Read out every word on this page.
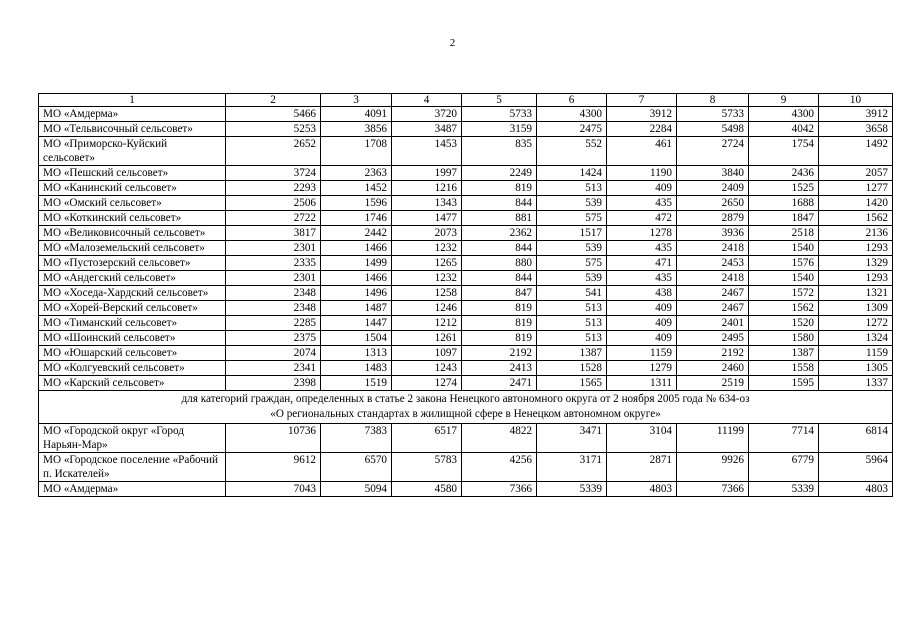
2
1	2	3	4	5	6	7	8	9	10
МО «Амдерма»	5466	4091	3720	5733	4300	3912	5733	4300	3912
МО «Тельвисочный сельсовет»	5253	3856	3487	3159	2475	2284	5498	4042	3658
МО «Приморско-Куйский сельсовет»	2652	1708	1453	835	552	461	2724	1754	1492
МО «Пешский сельсовет»	3724	2363	1997	2249	1424	1190	3840	2436	2057
МО «Канинский сельсовет»	2293	1452	1216	819	513	409	2409	1525	1277
МО «Омский сельсовет»	2506	1596	1343	844	539	435	2650	1688	1420
МО «Коткинский сельсовет»	2722	1746	1477	881	575	472	2879	1847	1562
МО «Великовисочный сельсовет»	3817	2442	2073	2362	1517	1278	3936	2518	2136
МО «Малоземельский сельсовет»	2301	1466	1232	844	539	435	2418	1540	1293
МО «Пустозерский сельсовет»	2335	1499	1265	880	575	471	2453	1576	1329
МО «Андегский сельсовет»	2301	1466	1232	844	539	435	2418	1540	1293
МО «Хоседа-Хардский сельсовет»	2348	1496	1258	847	541	438	2467	1572	1321
МО «Хорей-Верский сельсовет»	2348	1487	1246	819	513	409	2467	1562	1309
МО «Тиманский сельсовет»	2285	1447	1212	819	513	409	2401	1520	1272
МО «Шоинский сельсовет»	2375	1504	1261	819	513	409	2495	1580	1324
МО «Юшарский сельсовет»	2074	1313	1097	2192	1387	1159	2192	1387	1159
МО «Колгуевский сельсовет»	2341	1483	1243	2413	1528	1279	2460	1558	1305
МО «Карский сельсовет»	2398	1519	1274	2471	1565	1311	2519	1595	1337

для категорий граждан, определенных в статье 2 закона Ненецкого автономного округа от 2 ноября 2005 года № 634-оз
«О региональных стандартах в жилищной сфере в Ненецком автономном округе»									

МО «Городской округ «Город Нарьян-Мар»	10736	7383	6517	4822	3471	3104	11199	7714	6814
МО «Городское поселение «Рабочий п. Искателей»	9612	6570	5783	4256	3171	2871	9926	6779	5964
МО «Амдерма»	7043	5094	4580	7366	5339	4803	7366	5339	4803
